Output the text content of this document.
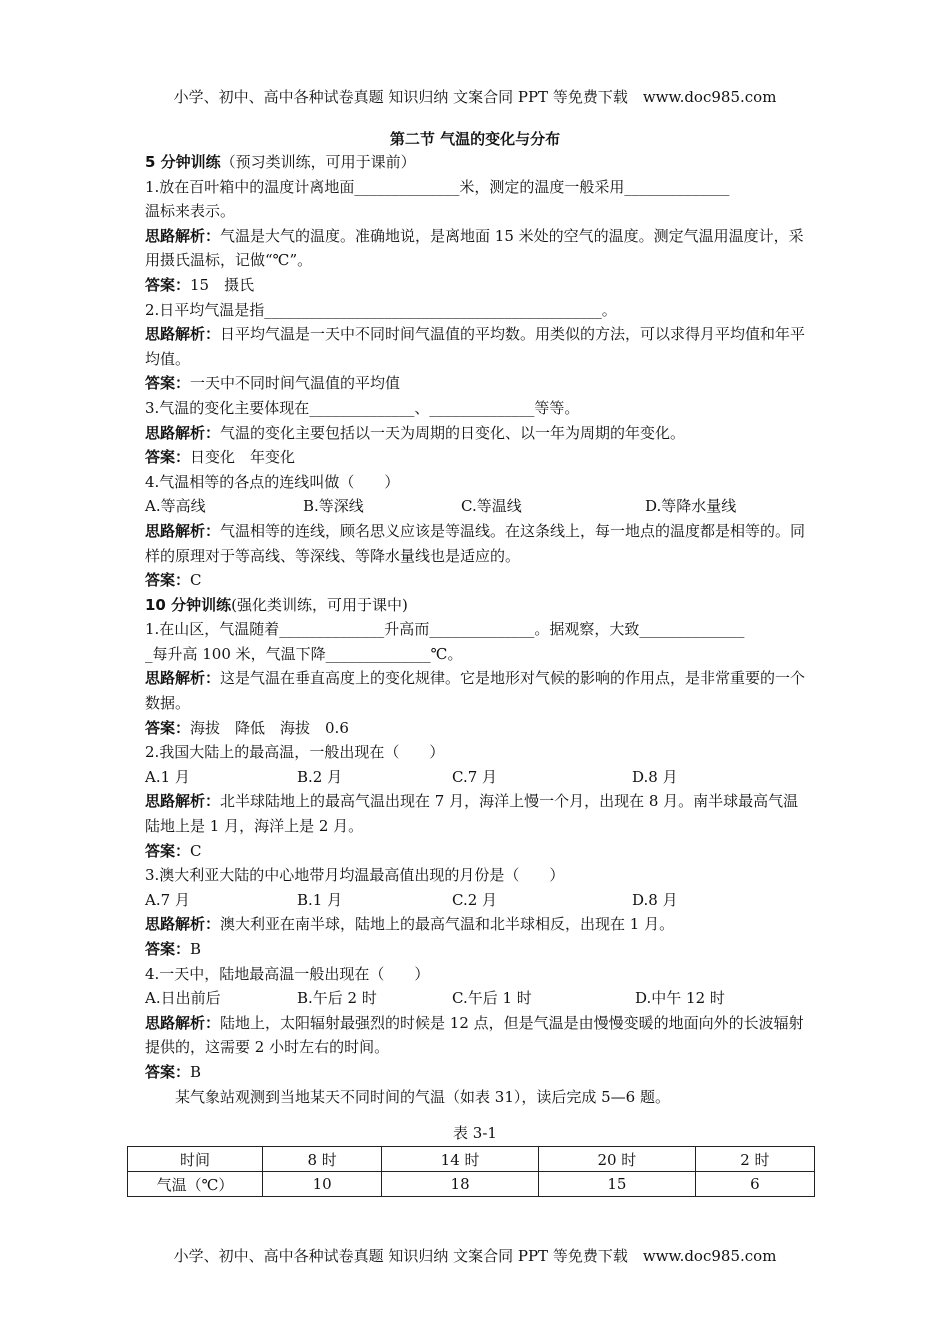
小学、初中、高中各种试卷真题 知识归纳 文案合同 PPT 等免费下载　www.doc985.com
第二节 气温的变化与分布
5 分钟训练（预习类训练，可用于课前）
1.放在百叶箱中的温度计离地面______________米，测定的温度一般采用______________
温标来表示。
思路解析：气温是大气的温度。准确地说，是离地面 15 米处的空气的温度。测定气温用温度计，采用摄氏温标，记做“℃”。
答案：15　摄氏
2.日平均气温是指_____________________________________________。
思路解析：日平均气温是一天中不同时间气温值的平均数。用类似的方法，可以求得月平均值和年平均值。
答案：一天中不同时间气温值的平均值
3.气温的变化主要体现在______________、______________等等。
思路解析：气温的变化主要包括以一天为周期的日变化、以一年为周期的年变化。
答案：日变化　年变化
4.气温相等的各点的连线叫做（　　）
A.等高线	B.等深线	C.等温线	D.等降水量线
思路解析：气温相等的连线，顾名思义应该是等温线。在这条线上，每一地点的温度都是相等的。同样的原理对于等高线、等深线、等降水量线也是适应的。
答案：C
10 分钟训练(强化类训练，可用于课中)
1.在山区，气温随着______________升高而______________。据观察，大致______________
_每升高 100 米，气温下降______________℃。
思路解析：这是气温在垂直高度上的变化规律。它是地形对气候的影响的作用点，是非常重要的一个数据。
答案：海拔　降低　海拔　0.6
2.我国大陆上的最高温，一般出现在（　　）
A.1 月	B.2 月	C.7 月	D.8 月
思路解析：北半球陆地上的最高气温出现在 7 月，海洋上慢一个月，出现在 8 月。南半球最高气温陆地上是 1 月，海洋上是 2 月。
答案：C
3.澳大利亚大陆的中心地带月均温最高值出现的月份是（　　）
A.7 月	B.1 月	C.2 月	D.8 月
思路解析：澳大利亚在南半球，陆地上的最高气温和北半球相反，出现在 1 月。
答案：B
4.一天中，陆地最高温一般出现在（　　）
A.日出前后	B.午后 2 时	C.午后 1 时	D.中午 12 时
思路解析：陆地上，太阳辐射最强烈的时候是 12 点，但是气温是由慢慢变暖的地面向外的长波辐射提供的，这需要 2 小时左右的时间。
答案：B
某气象站观测到当地某天不同时间的气温（如表 31），读后完成 5—6 题。
表 3-1
时间	8 时	14 时	20 时	2 时
气温（℃）	10	18	15	6
小学、初中、高中各种试卷真题 知识归纳 文案合同 PPT 等免费下载　www.doc985.com
